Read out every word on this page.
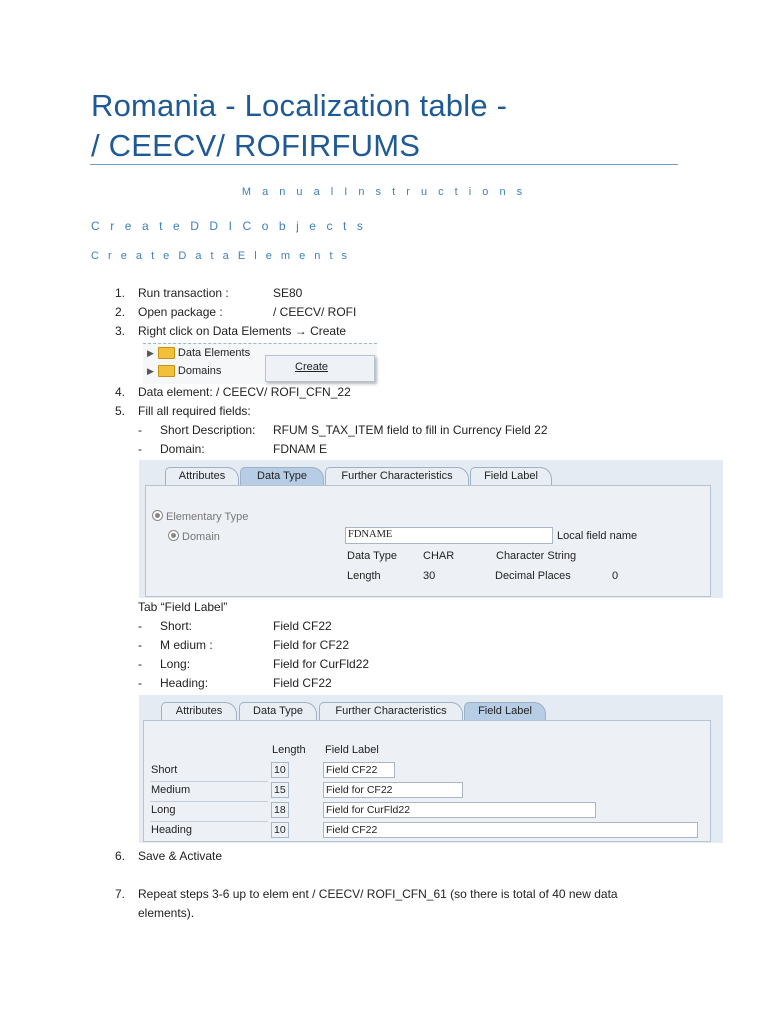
Romania - Localization table -
/ CEECV/ ROFIRFUMS
M a n u a l I n s t r u c t i o n s
C r e a t e D D I C o b j e c t s
C r e a t e D a t a E l e m e n t s
1. Run transaction :	SE80
2. Open package :	/ CEECV/ ROFI
3. Right click on Data Elements → Create
▶ Data Elements
▶ Domains	Create
4. Data element: / CEECV/ ROFI_CFN_22
5. Fill all required fields:
-	Short Description: RFUM S_TAX_ITEM field to fill in Currency Field 22
-	Domain:	FDNAM E
Attributes	Data Type	Further Characteristics	Field Label
Elementary Type
Domain	FDNAME	Local field name
Data Type CHAR	Character String
Length	30	Decimal Places	0
Tab “Field Label”
-	Short:	Field CF22
-	M edium :	Field for CF22
-	Long:	Field for CurFld22
-	Heading:	Field CF22
Attributes	Data Type	Further Characteristics	Field Label
Length Field Label
Short	10	Field CF22
Medium	15	Field for CF22
Long	18	Field for CurFld22
Heading	10	Field CF22
6. Save & Activate
7. Repeat steps 3-6 up to elem ent / CEECV/ ROFI_CFN_61 (so there is total of 40 new data
elements).
